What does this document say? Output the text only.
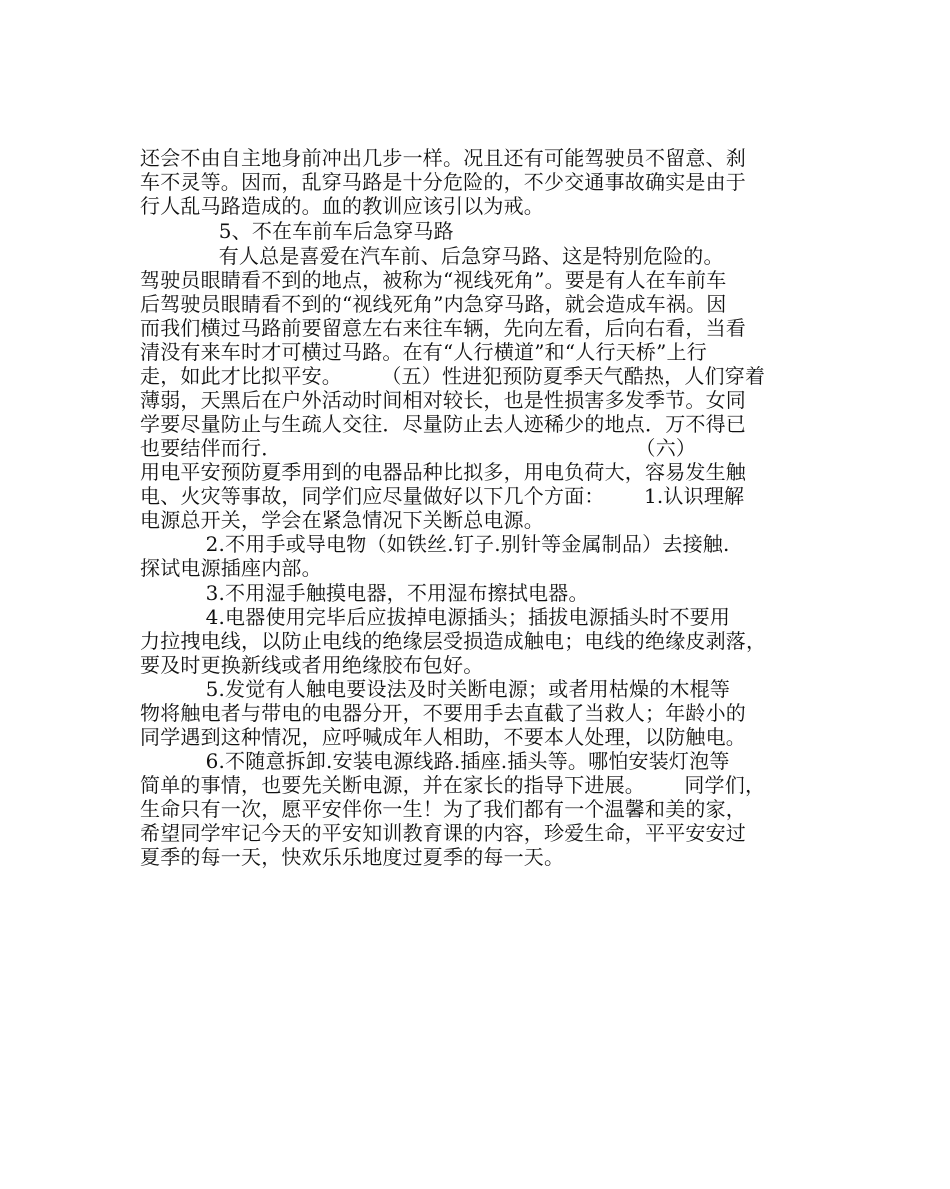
还会不由自主地身前冲出几步一样。况且还有可能驾驶员不留意、刹
车不灵等。因而，乱穿马路是十分危险的，不少交通事故确实是由于
行人乱马路造成的。血的教训应该引以为戒。
5、不在车前车后急穿马路
有人总是喜爱在汽车前、后急穿马路、这是特别危险的。
驾驶员眼睛看不到的地点，被称为“视线死角”。要是有人在车前车
后驾驶员眼睛看不到的“视线死角”内急穿马路，就会造成车祸。因
而我们横过马路前要留意左右来往车辆，先向左看，后向右看，当看
清没有来车时才可横过马路。在有“人行横道”和“人行天桥”上行
走，如此才比拟平安。      （五）性进犯预防夏季天气酷热，人们穿着
薄弱，天黑后在户外活动时间相对较长，也是性损害多发季节。女同
学要尽量防止与生疏人交往．尽量防止去人迹稀少的地点．万不得已
也要结伴而行．                                                      （六）
用电平安预防夏季用到的电器品种比拟多，用电负荷大，容易发生触
电、火灾等事故，同学们应尽量做好以下几个方面：      1.认识理解
电源总开关，学会在紧急情况下关断总电源。
2.不用手或导电物（如铁丝.钉子.别针等金属制品）去接触.
探试电源插座内部。
3.不用湿手触摸电器，不用湿布擦拭电器。
4.电器使用完毕后应拔掉电源插头；插拔电源插头时不要用
力拉拽电线，以防止电线的绝缘层受损造成触电；电线的绝缘皮剥落，
要及时更换新线或者用绝缘胶布包好。
5.发觉有人触电要设法及时关断电源；或者用枯燥的木棍等
物将触电者与带电的电器分开，不要用手去直截了当救人；年龄小的
同学遇到这种情况，应呼喊成年人相助，不要本人处理，以防触电。
6.不随意拆卸.安装电源线路.插座.插头等。哪怕安装灯泡等
简单的事情，也要先关断电源，并在家长的指导下进展。      同学们，
生命只有一次，愿平安伴你一生！为了我们都有一个温馨和美的家，
希望同学牢记今天的平安知训教育课的内容，珍爱生命，平平安安过
夏季的每一天，快欢乐乐地度过夏季的每一天。
